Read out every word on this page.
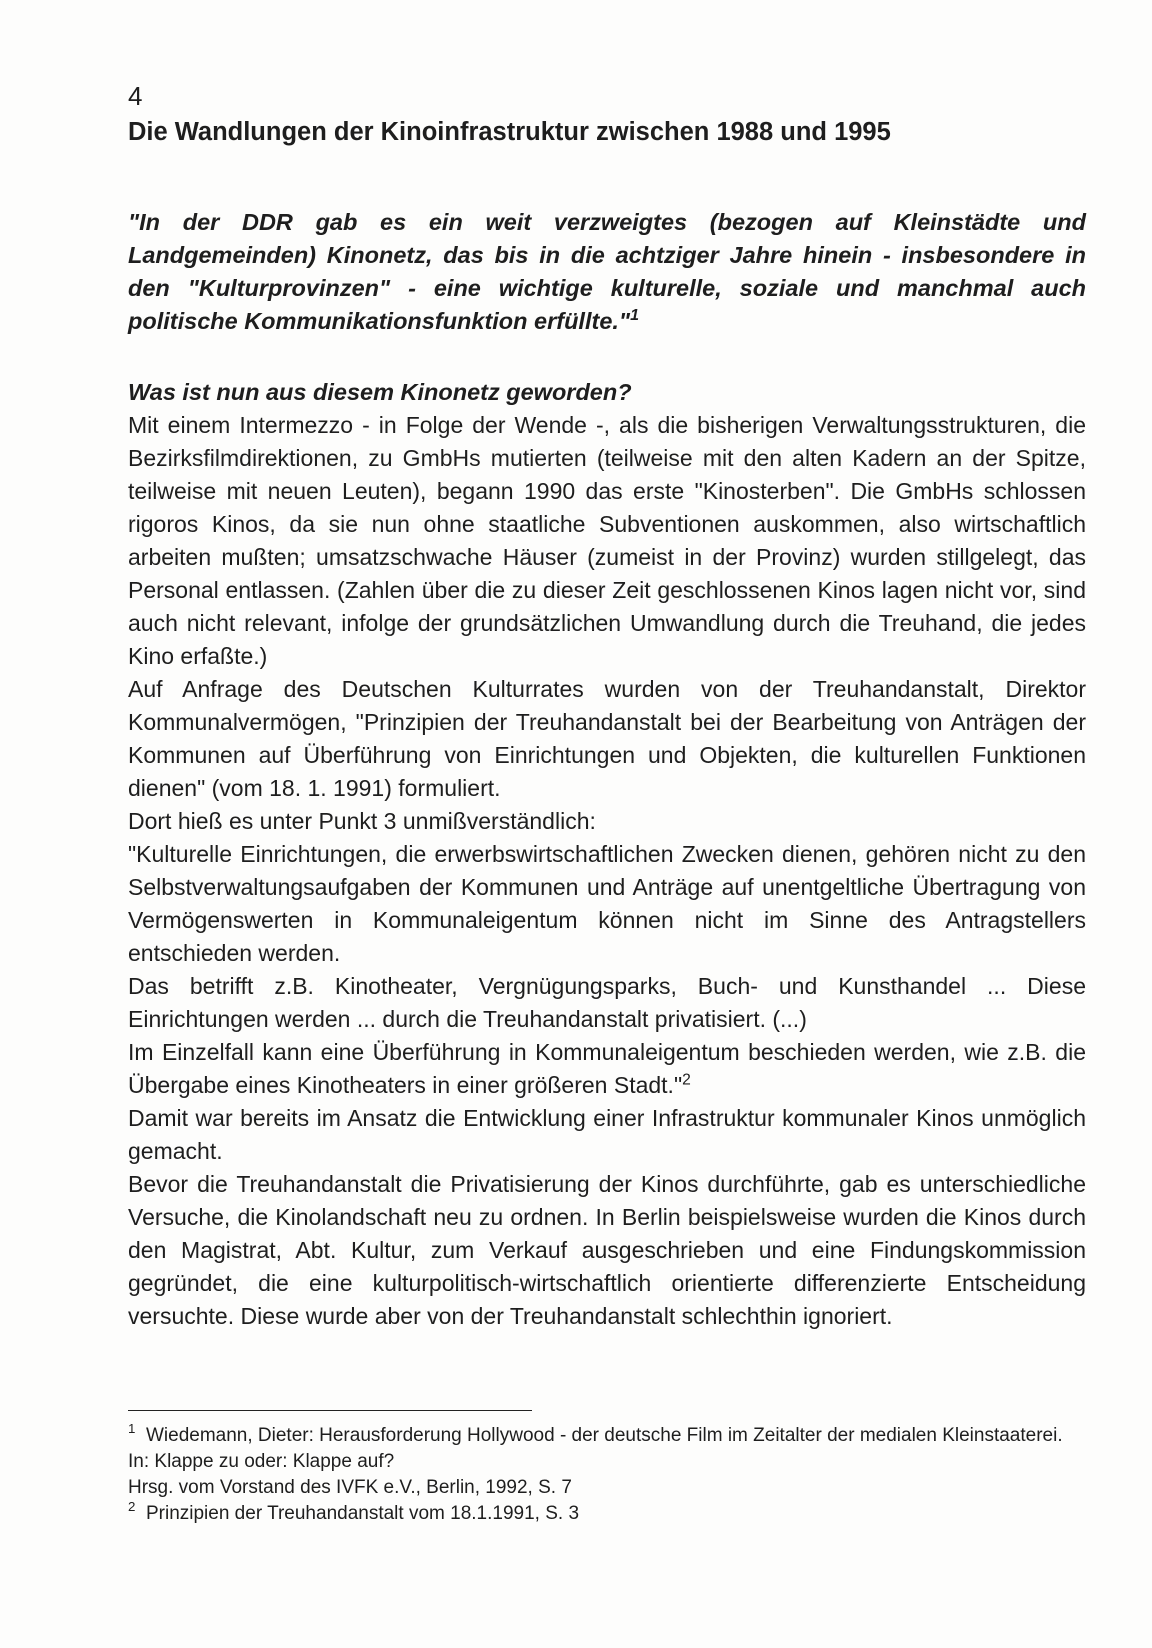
4

Die Wandlungen der Kinoinfrastruktur zwischen 1988 und 1995

"In der DDR gab es ein weit verzweigtes (bezogen auf Kleinstädte und Landgemeinden) Kinonetz, das bis in die achtziger Jahre hinein - insbesondere in den "Kulturprovinzen" - eine wichtige kulturelle, soziale und manchmal auch politische Kommunikationsfunktion erfüllte."$^1$

Was ist nun aus diesem Kinonetz geworden?

Mit einem Intermezzo - in Folge der Wende -, als die bisherigen Verwaltungsstrukturen, die Bezirksfilmdirektionen, zu GmbHs mutierten (teilweise mit den alten Kadern an der Spitze, teilweise mit neuen Leuten), begann 1990 das erste "Kinosterben". Die GmbHs schlossen rigoros Kinos, da sie nun ohne staatliche Subventionen auskommen, also wirtschaftlich arbeiten mußten; umsatzschwache Häuser (zumeist in der Provinz) wurden stillgelegt, das Personal entlassen. (Zahlen über die zu dieser Zeit geschlossenen Kinos lagen nicht vor, sind auch nicht relevant, infolge der grundsätzlichen Umwandlung durch die Treuhand, die jedes Kino erfaßte.)

Auf Anfrage des Deutschen Kulturrates wurden von der Treuhandanstalt, Direktor Kommunalvermögen, "Prinzipien der Treuhandanstalt bei der Bearbeitung von Anträgen der Kommunen auf Überführung von Einrichtungen und Objekten, die kulturellen Funktionen dienen" (vom 18. 1. 1991) formuliert.

Dort hieß es unter Punkt 3 unmißverständlich:

"Kulturelle Einrichtungen, die erwerbswirtschaftlichen Zwecken dienen, gehören nicht zu den Selbstverwaltungsaufgaben der Kommunen und Anträge auf unentgeltliche Übertragung von Vermögenswerten in Kommunaleigentum können nicht im Sinne des Antragstellers entschieden werden.

Das betrifft z.B. Kinotheater, Vergnügungsparks, Buch- und Kunsthandel ... Diese Einrichtungen werden ... durch die Treuhandanstalt privatisiert. (...)

Im Einzelfall kann eine Überführung in Kommunaleigentum beschieden werden, wie z.B. die Übergabe eines Kinotheaters in einer größeren Stadt."$^2$

Damit war bereits im Ansatz die Entwicklung einer Infrastruktur kommunaler Kinos unmöglich gemacht.

Bevor die Treuhandanstalt die Privatisierung der Kinos durchführte, gab es unterschiedliche Versuche, die Kinolandschaft neu zu ordnen. In Berlin beispielsweise wurden die Kinos durch den Magistrat, Abt. Kultur, zum Verkauf ausgeschrieben und eine Findungskommission gegründet, die eine kulturpolitisch-wirtschaftlich orientierte differenzierte Entscheidung versuchte. Diese wurde aber von der Treuhandanstalt schlechthin ignoriert.

$^1$ Wiedemann, Dieter: Herausforderung Hollywood - der deutsche Film im Zeitalter der medialen Kleinstaaterei. In: Klappe zu oder: Klappe auf?

Hrsg. vom Vorstand des IVFK e.V., Berlin, 1992, S. 7

$^2$ Prinzipien der Treuhandanstalt vom 18.1.1991, S. 3
